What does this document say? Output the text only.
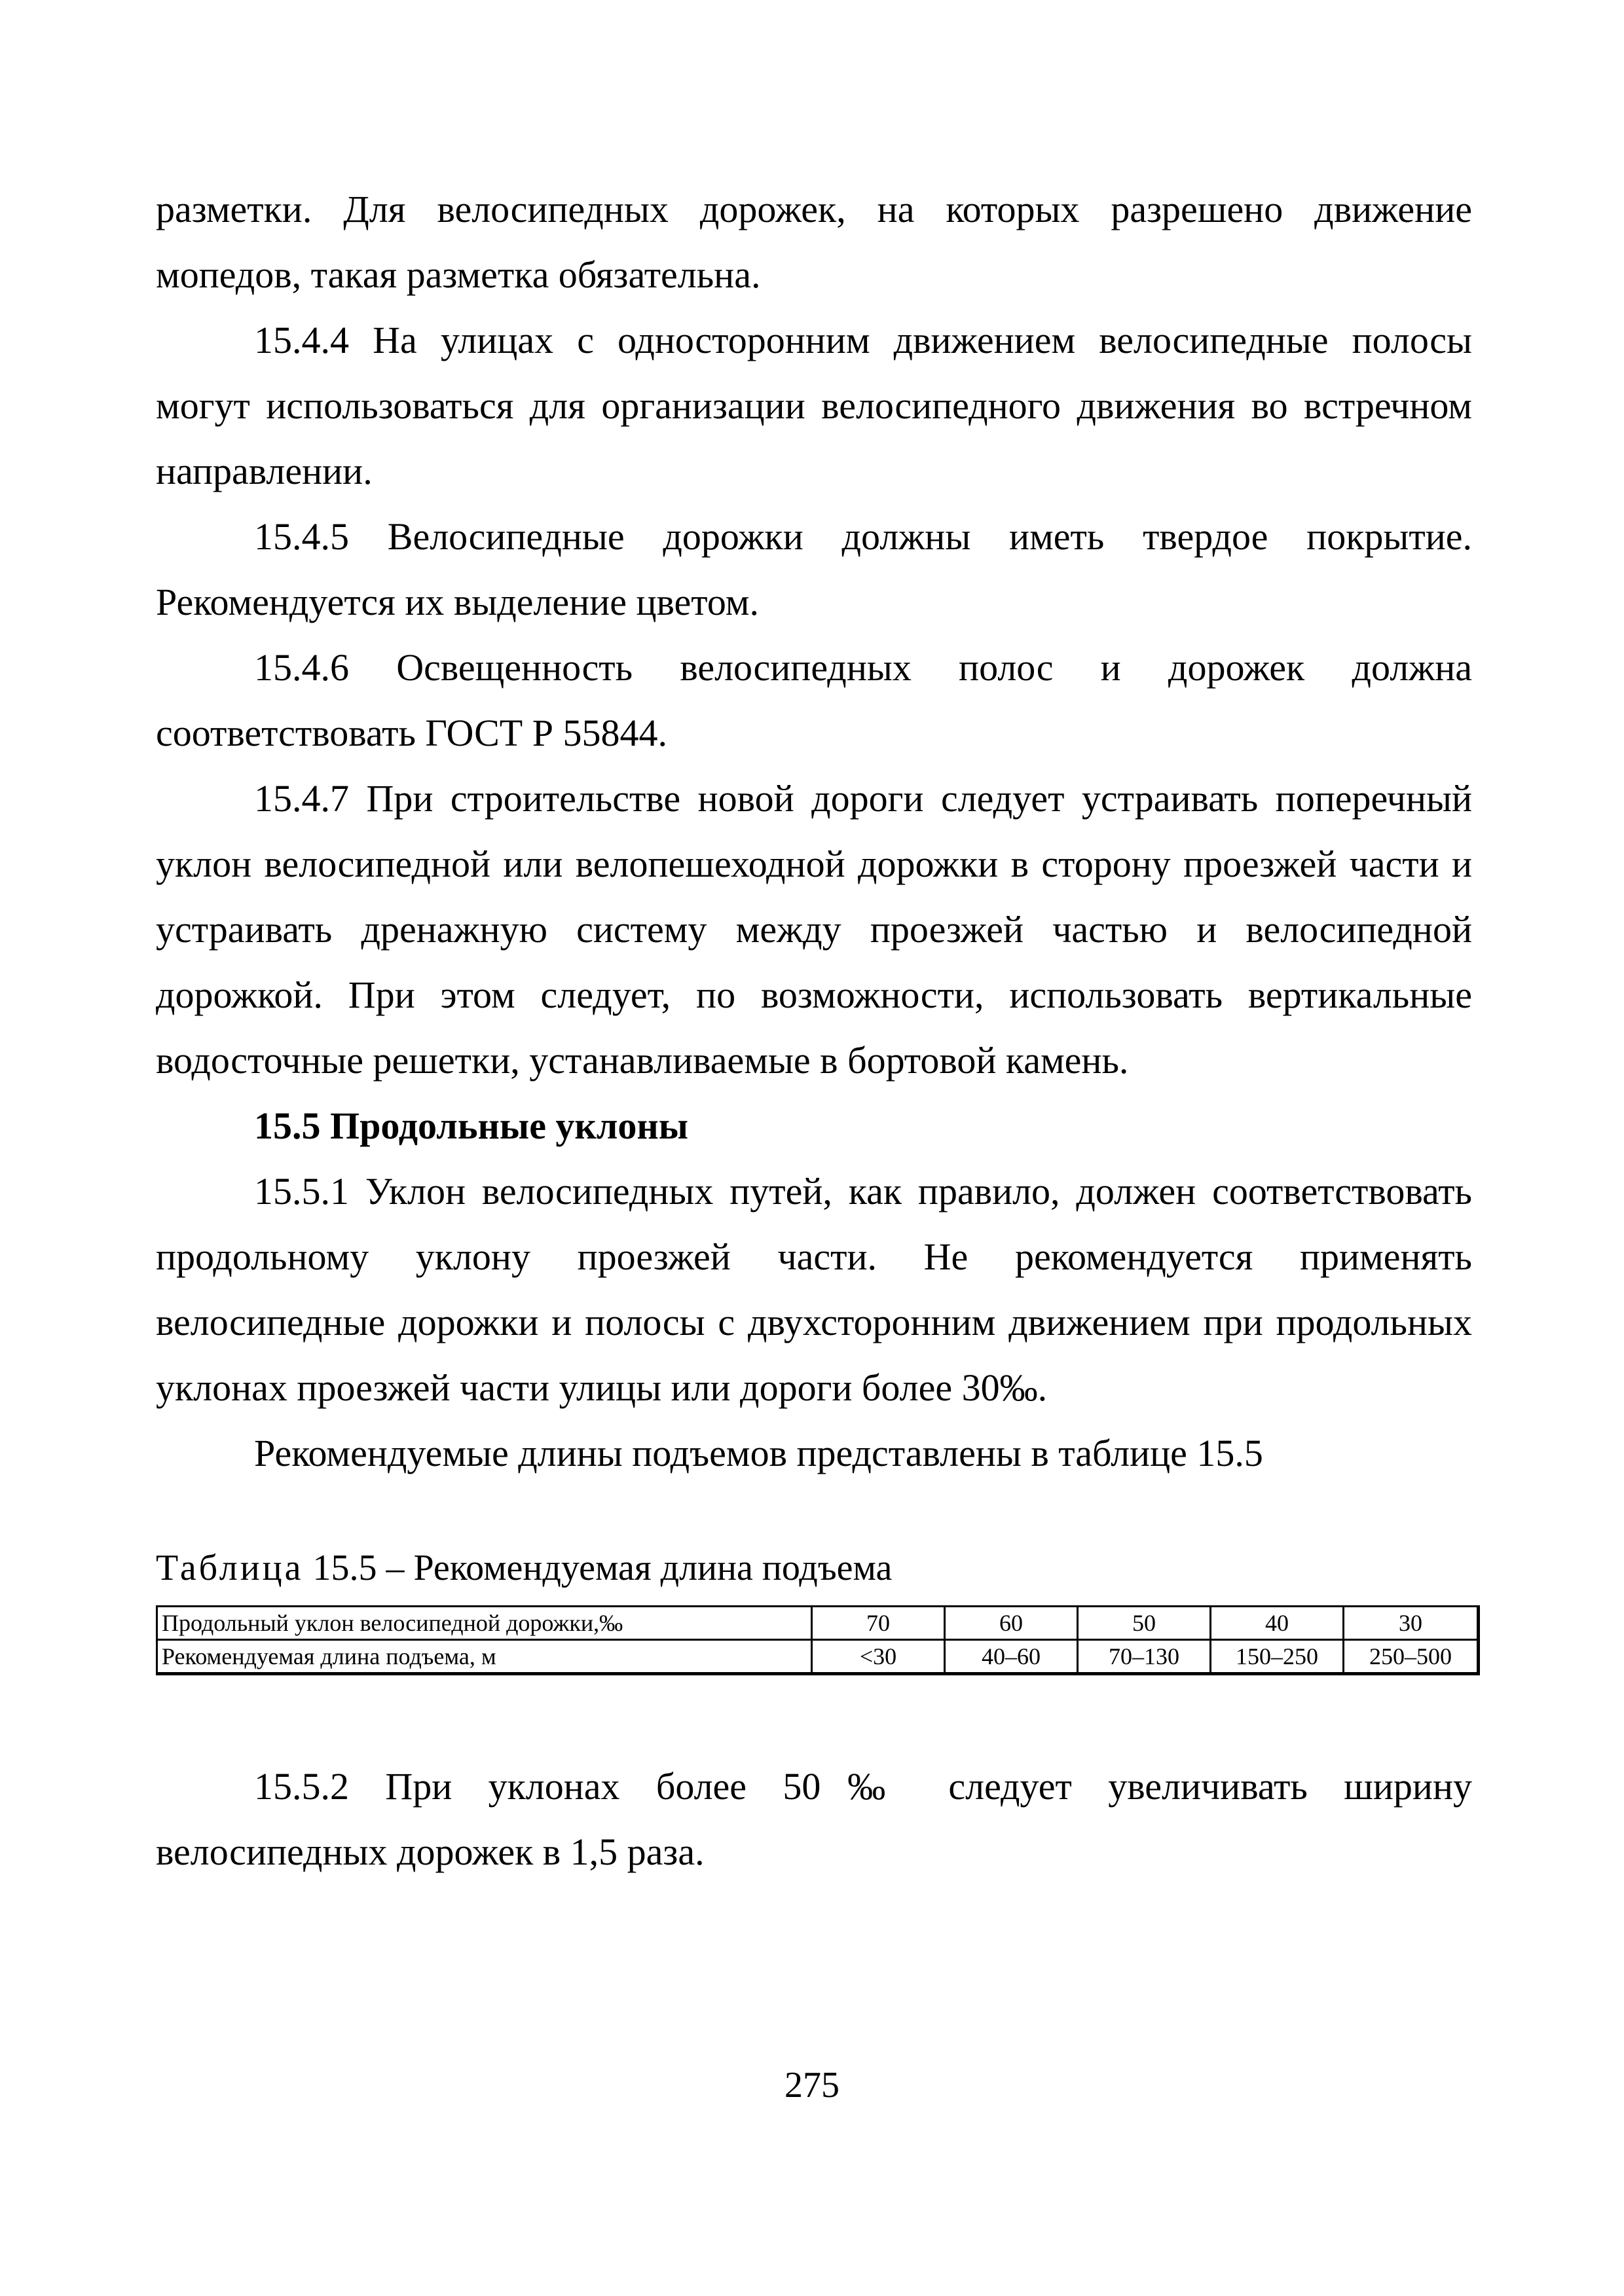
разметки. Для велосипедных дорожек, на которых разрешено движение мопедов, такая разметка обязательна.

15.4.4 На улицах с односторонним движением велосипедные полосы могут использоваться для организации велосипедного движения во встречном направлении.

15.4.5 Велосипедные дорожки должны иметь твердое покрытие. Рекомендуется их выделение цветом.

15.4.6 Освещенность велосипедных полос и дорожек должна соответствовать ГОСТ Р 55844.

15.4.7 При строительстве новой дороги следует устраивать поперечный уклон велосипедной или велопешеходной дорожки в сторону проезжей части и устраивать дренажную систему между проезжей частью и велосипедной дорожкой. При этом следует, по возможности, использовать вертикальные водосточные решетки, устанавливаемые в бортовой камень.

15.5 Продольные уклоны

15.5.1 Уклон велосипедных путей, как правило, должен соответствовать продольному уклону проезжей части. Не рекомендуется применять велосипедные дорожки и полосы с двухсторонним движением при продольных уклонах проезжей части улицы или дороги более 30‰.

Рекомендуемые длины подъемов представлены в таблице 15.5

Таблица 15.5 – Рекомендуемая длина подъема

Продольный уклон велосипедной дорожки,‰	70	60	50	40	30
Рекомендуемая длина подъема, м	<30	40–60	70–130	150–250	250–500

15.5.2 При уклонах более 50‰ следует увеличивать ширину велосипедных дорожек в 1,5 раза.

275
